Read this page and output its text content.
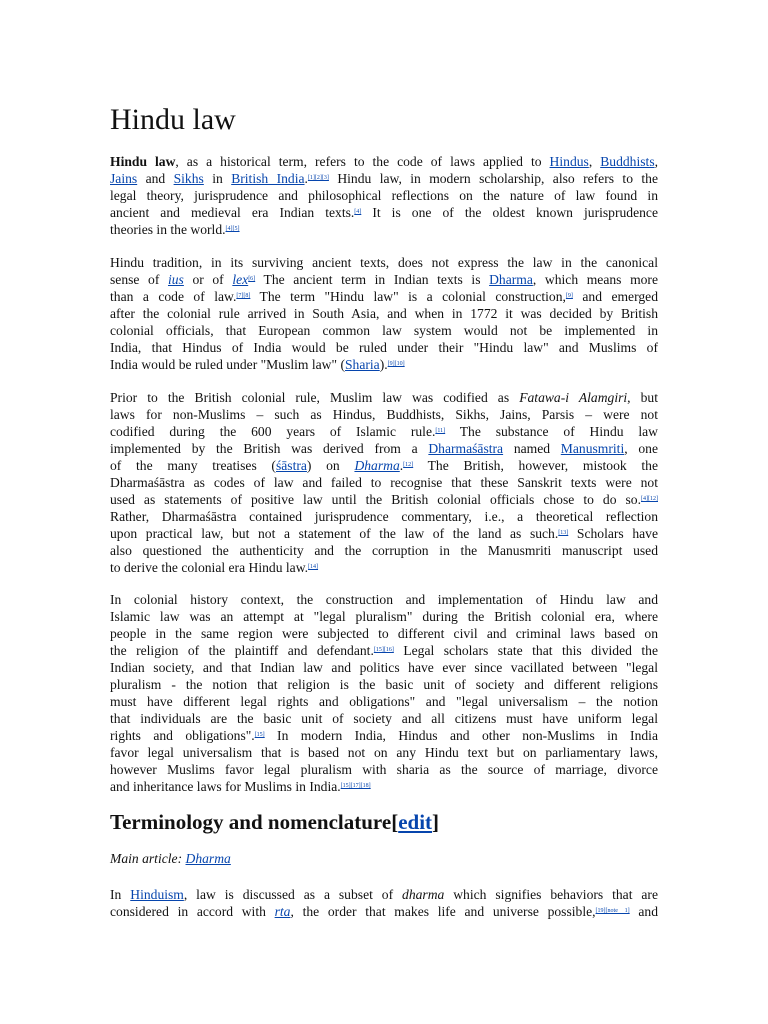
Hindu law
Hindu law, as a historical term, refers to the code of laws applied to Hindus, Buddhists,
Jains and Sikhs in British India.[1][2][3] Hindu law, in modern scholarship, also refers to the
legal theory, jurisprudence and philosophical reflections on the nature of law found in
ancient and medieval era Indian texts.[4] It is one of the oldest known jurisprudence
theories in the world.[4][5]
Hindu tradition, in its surviving ancient texts, does not express the law in the canonical
sense of ius or of lex[6] The ancient term in Indian texts is Dharma, which means more
than a code of law.[7][8] The term "Hindu law" is a colonial construction,[9] and emerged
after the colonial rule arrived in South Asia, and when in 1772 it was decided by British
colonial officials, that European common law system would not be implemented in
India, that Hindus of India would be ruled under their "Hindu law" and Muslims of
India would be ruled under "Muslim law" (Sharia).[9][10]
Prior to the British colonial rule, Muslim law was codified as Fatawa-i Alamgiri, but
laws for non-Muslims – such as Hindus, Buddhists, Sikhs, Jains, Parsis – were not
codified during the 600 years of Islamic rule.[11] The substance of Hindu law
implemented by the British was derived from a Dharmaśāstra named Manusmriti, one
of the many treatises (śāstra) on Dharma.[12] The British, however, mistook the
Dharmaśāstra as codes of law and failed to recognise that these Sanskrit texts were not
used as statements of positive law until the British colonial officials chose to do so.[4][12]
Rather, Dharmaśāstra contained jurisprudence commentary, i.e., a theoretical reflection
upon practical law, but not a statement of the law of the land as such.[13] Scholars have
also questioned the authenticity and the corruption in the Manusmriti manuscript used
to derive the colonial era Hindu law.[14]
In colonial history context, the construction and implementation of Hindu law and
Islamic law was an attempt at "legal pluralism" during the British colonial era, where
people in the same region were subjected to different civil and criminal laws based on
the religion of the plaintiff and defendant.[15][16] Legal scholars state that this divided the
Indian society, and that Indian law and politics have ever since vacillated between "legal
pluralism - the notion that religion is the basic unit of society and different religions
must have different legal rights and obligations" and "legal universalism – the notion
that individuals are the basic unit of society and all citizens must have uniform legal
rights and obligations".[15] In modern India, Hindus and other non-Muslims in India
favor legal universalism that is based not on any Hindu text but on parliamentary laws,
however Muslims favor legal pluralism with sharia as the source of marriage, divorce
and inheritance laws for Muslims in India.[15][17][18]
Terminology and nomenclature[edit]
Main article: Dharma
In Hinduism, law is discussed as a subset of dharma which signifies behaviors that are
considered in accord with rta, the order that makes life and universe possible,[19][note 1] and
